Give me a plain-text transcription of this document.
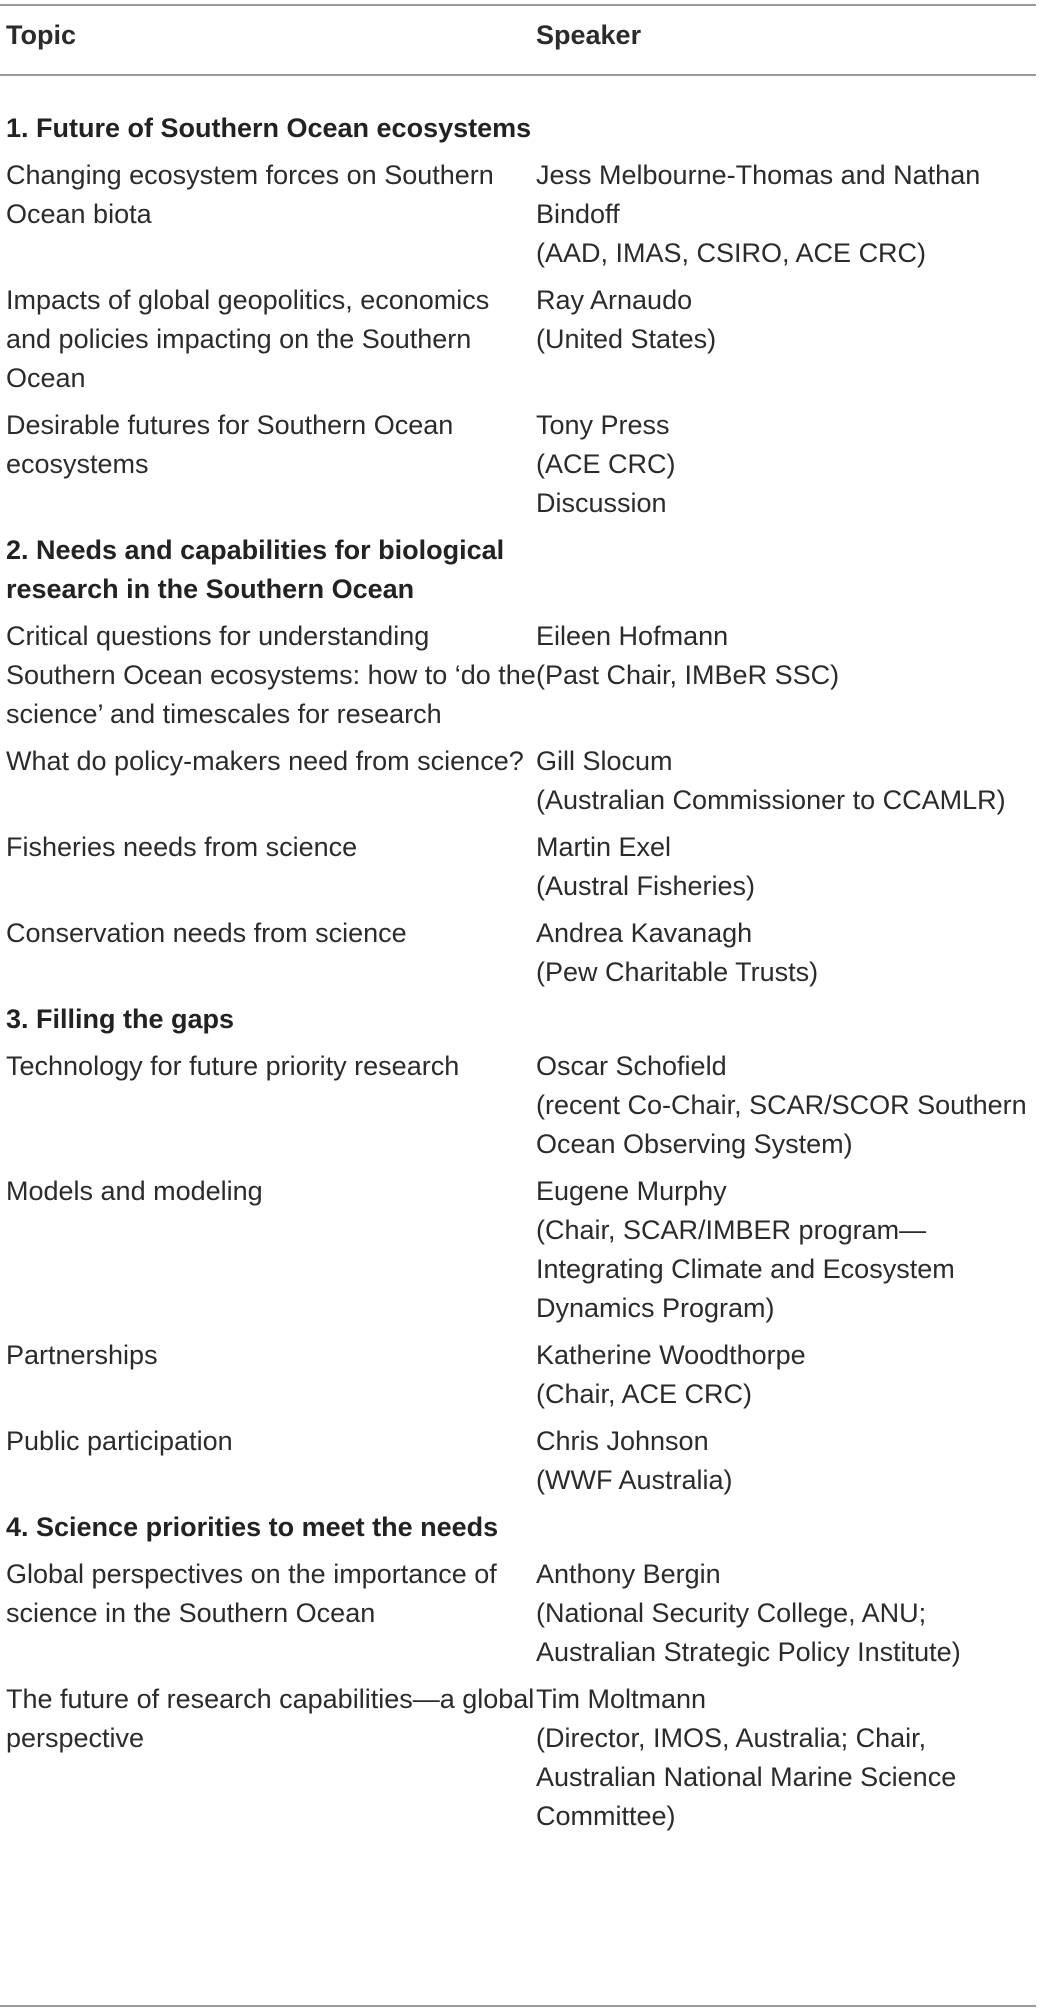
Topic	Speaker

1. Future of Southern Ocean ecosystems	

Changing ecosystem forces on Southern Ocean biota	Jess Melbourne-Thomas and Nathan Bindoff
(AAD, IMAS, CSIRO, ACE CRC)

Impacts of global geopolitics, economics and policies impacting on the Southern Ocean	Ray Arnaudo
(United States)

Desirable futures for Southern Ocean ecosystems	Tony Press
(ACE CRC)
Discussion

2. Needs and capabilities for biological research in the Southern Ocean	

Critical questions for understanding Southern Ocean ecosystems: how to ‘do the science’ and timescales for research	Eileen Hofmann
(Past Chair, IMBeR SSC)

What do policy-makers need from science?	Gill Slocum
(Australian Commissioner to CCAMLR)

Fisheries needs from science	Martin Exel
(Austral Fisheries)

Conservation needs from science	Andrea Kavanagh
(Pew Charitable Trusts)

3. Filling the gaps	

Technology for future priority research	Oscar Schofield
(recent Co-Chair, SCAR/SCOR Southern Ocean Observing System)

Models and modeling	Eugene Murphy
(Chair, SCAR/IMBER program—Integrating Climate and Ecosystem Dynamics Program)

Partnerships	Katherine Woodthorpe
(Chair, ACE CRC)

Public participation	Chris Johnson
(WWF Australia)

4. Science priorities to meet the needs	

Global perspectives on the importance of science in the Southern Ocean	Anthony Bergin
(National Security College, ANU; Australian Strategic Policy Institute)

The future of research capabilities—a global perspective	Tim Moltmann
(Director, IMOS, Australia; Chair, Australian National Marine Science Committee)
